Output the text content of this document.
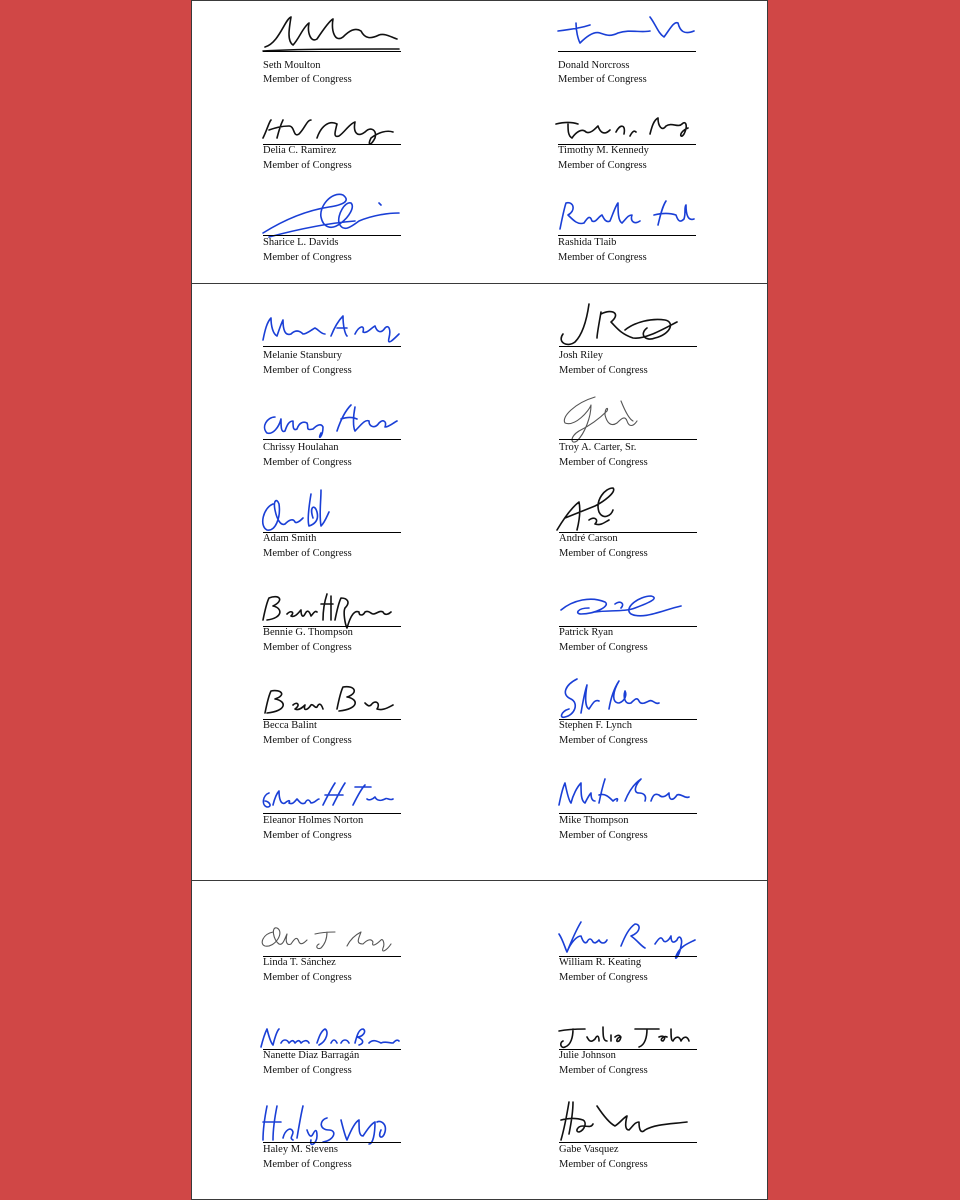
Seth Moulton
Member of Congress
Donald Norcross
Member of Congress
Delia C. Ramirez
Member of Congress
Timothy M. Kennedy
Member of Congress
Sharice L. Davids
Member of Congress
Rashida Tlaib
Member of Congress
Melanie Stansbury
Member of Congress
Josh Riley
Member of Congress
Chrissy Houlahan
Member of Congress
Troy A. Carter, Sr.
Member of Congress
Adam Smith
Member of Congress
André Carson
Member of Congress
Bennie G. Thompson
Member of Congress
Patrick Ryan
Member of Congress
Becca Balint
Member of Congress
Stephen F. Lynch
Member of Congress
Eleanor Holmes Norton
Member of Congress
Mike Thompson
Member of Congress
Linda T. Sánchez
Member of Congress
William R. Keating
Member of Congress
Nanette Diaz Barragán
Member of Congress
Julie Johnson
Member of Congress
Haley M. Stevens
Member of Congress
Gabe Vasquez
Member of Congress
